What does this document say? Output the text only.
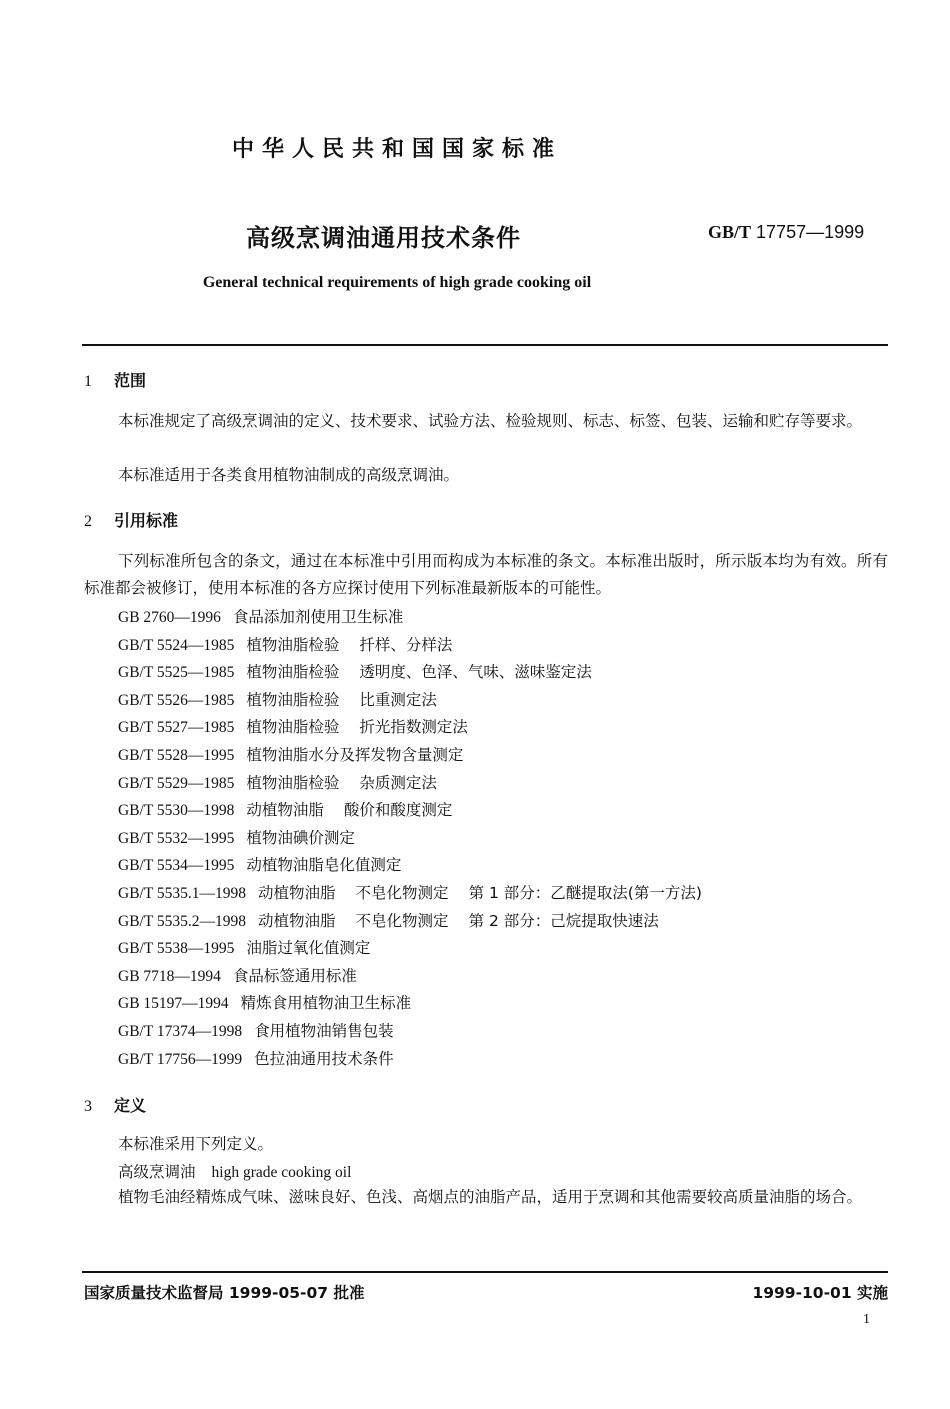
中华人民共和国国家标准
高级烹调油通用技术条件	GB/T 17757—1999
General technical requirements of high grade cooking oil
1 范围
本标准规定了高级烹调油的定义、技术要求、试验方法、检验规则、标志、标签、包装、运输和贮存等要求。
本标准适用于各类食用植物油制成的高级烹调油。
2 引用标准
下列标准所包含的条文，通过在本标准中引用而构成为本标准的条文。本标准出版时，所示版本均为有效。所有标准都会被修订，使用本标准的各方应探讨使用下列标准最新版本的可能性。
GB 2760—1996 食品添加剂使用卫生标准
GB/T 5524—1985 植物油脂检验 扦样、分样法
GB/T 5525—1985 植物油脂检验 透明度、色泽、气味、滋味鉴定法
GB/T 5526—1985 植物油脂检验 比重测定法
GB/T 5527—1985 植物油脂检验 折光指数测定法
GB/T 5528—1995 植物油脂水分及挥发物含量测定
GB/T 5529—1985 植物油脂检验 杂质测定法
GB/T 5530—1998 动植物油脂 酸价和酸度测定
GB/T 5532—1995 植物油碘价测定
GB/T 5534—1995 动植物油脂皂化值测定
GB/T 5535.1—1998 动植物油脂 不皂化物测定 第 1 部分：乙醚提取法(第一方法)
GB/T 5535.2—1998 动植物油脂 不皂化物测定 第 2 部分：己烷提取快速法
GB/T 5538—1995 油脂过氧化值测定
GB 7718—1994 食品标签通用标准
GB 15197—1994 精炼食用植物油卫生标准
GB/T 17374—1998 食用植物油销售包装
GB/T 17756—1999 色拉油通用技术条件
3 定义
本标准采用下列定义。
高级烹调油 high grade cooking oil
植物毛油经精炼成气味、滋味良好、色浅、高烟点的油脂产品，适用于烹调和其他需要较高质量油脂的场合。
国家质量技术监督局 1999-05-07 批准	1999-10-01 实施
1
